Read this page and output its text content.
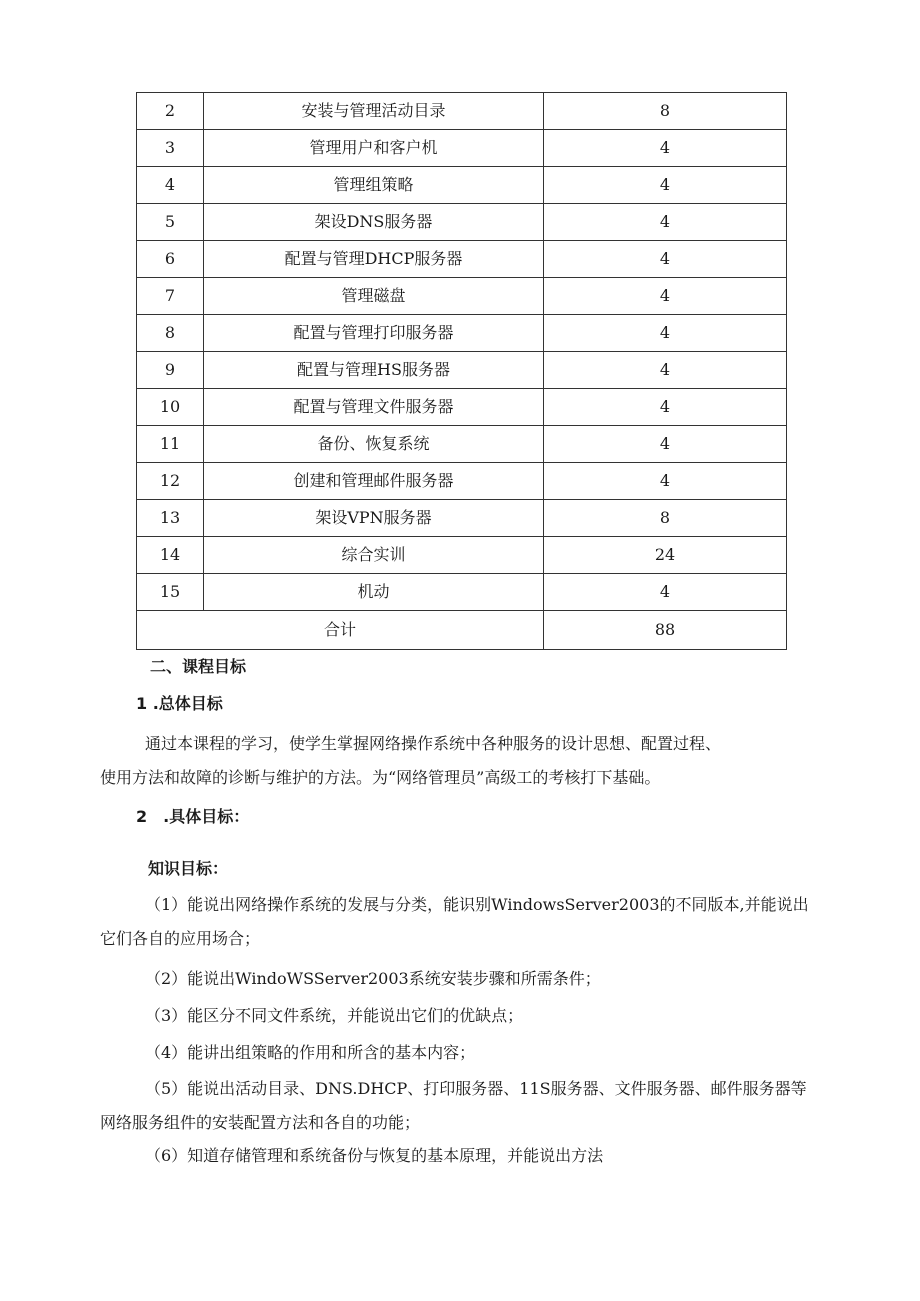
2	安装与管理活动目录	8
3	管理用户和客户机	4
4	管理组策略	4
5	架设DNS服务器	4
6	配置与管理DHCP服务器	4
7	管理磁盘	4
8	配置与管理打印服务器	4
9	配置与管理HS服务器	4
10	配置与管理文件服务器	4
11	备份、恢复系统	4
12	创建和管理邮件服务器	4
13	架设VPN服务器	8
14	综合实训	24
15	机动	4
合计		88
二、课程目标
1 .总体目标
通过本课程的学习，使学生掌握网络操作系统中各种服务的设计思想、配置过程、
使用方法和故障的诊断与维护的方法。为“网络管理员”高级工的考核打下基础。
2　.具体目标：
知识目标：
（1）能说出网络操作系统的发展与分类，能识别WindowsServer2003的不同版本,并能说出
它们各自的应用场合；
（2）能说出WindoWSServer2003系统安装步骤和所需条件；
（3）能区分不同文件系统，并能说出它们的优缺点；
（4）能讲出组策略的作用和所含的基本内容；
（5）能说出活动目录、DNS.DHCP、打印服务器、11S服务器、文件服务器、邮件服务器等
网络服务组件的安装配置方法和各自的功能；
（6）知道存储管理和系统备份与恢复的基本原理，并能说出方法
